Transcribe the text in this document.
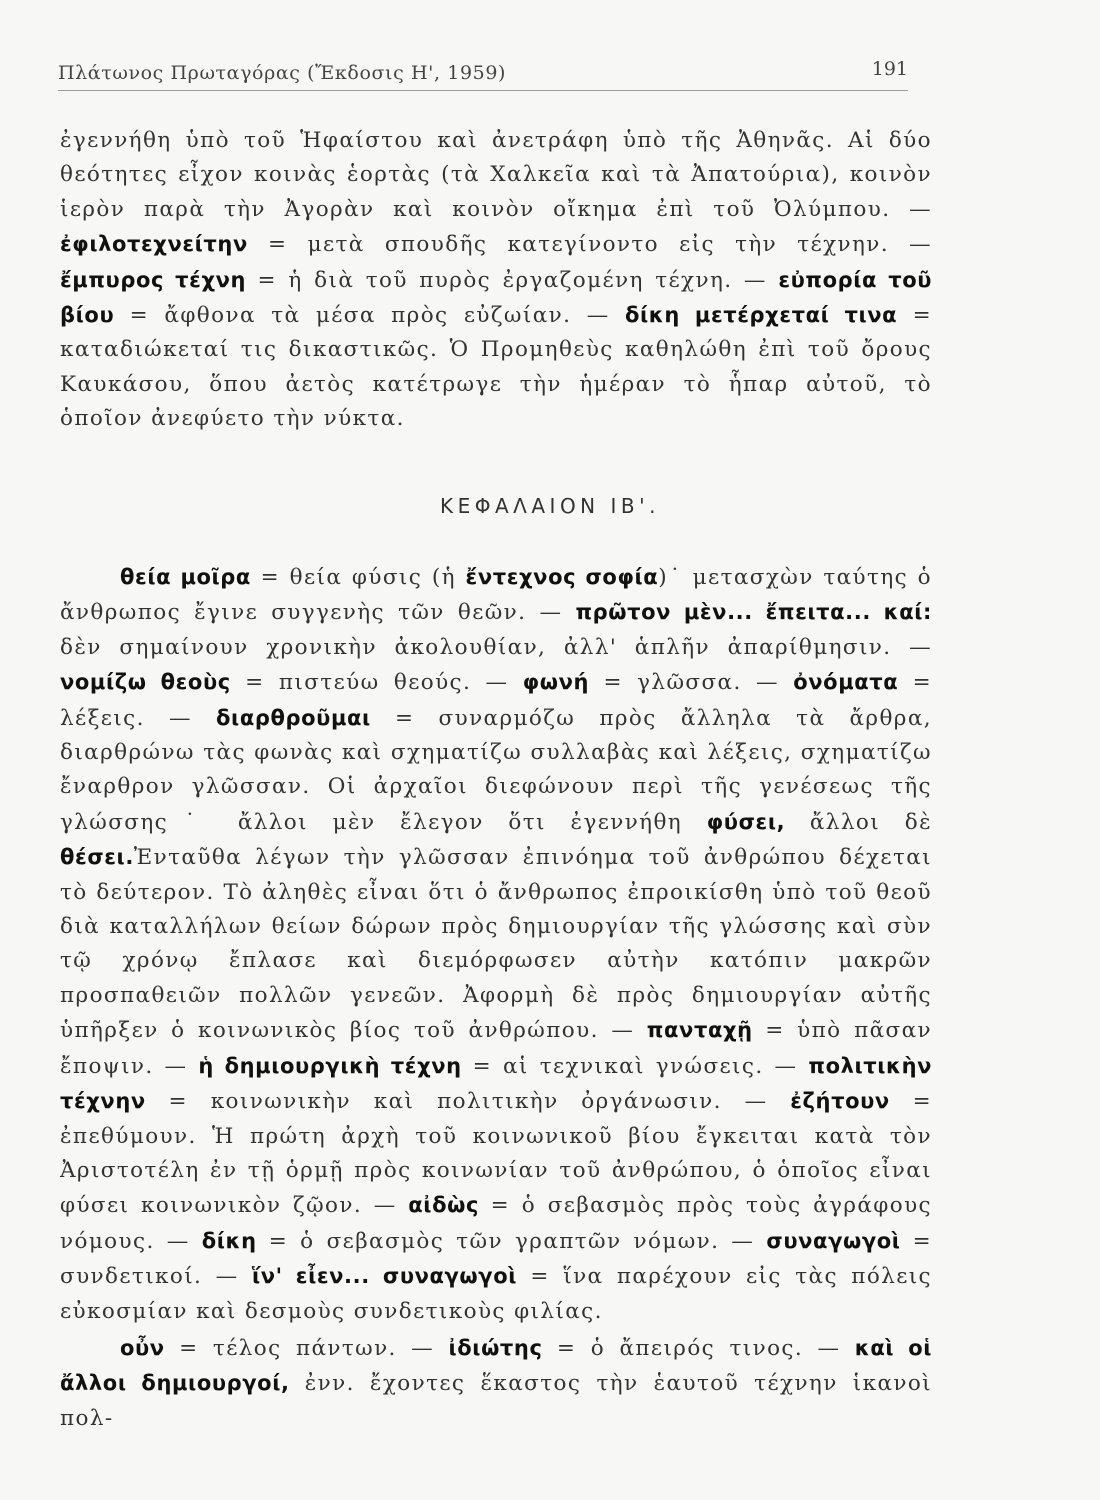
Πλάτωνος Πρωταγόρας (Ἔκδοσις Η', 1959)	191

ἐγεννήθη ὑπὸ τοῦ Ἡφαίστου καὶ ἀνετράφη ὑπὸ τῆς Ἀθηνᾶς. Αἱ δύο θεότητες εἶχον κοινὰς ἑορτὰς (τὰ Χαλκεῖα καὶ τὰ Ἀπατούρια), κοινὸν ἱερὸν παρὰ τὴν Ἀγορὰν καὶ κοινὸν οἴκημα ἐπὶ τοῦ Ὀλύμπου. — ἐφιλοτεχνείτην = μετὰ σπουδῆς κατεγίνοντο εἰς τὴν τέχνην. — ἔμπυρος τέχνη = ἡ διὰ τοῦ πυρὸς ἐργαζομένη τέχνη. — εὐπορία τοῦ βίου = ἄφθονα τὰ μέσα πρὸς εὐζωίαν. — δίκη μετέρχεταί τινα = καταδιώκεταί τις δικαστικῶς. Ὁ Προμηθεὺς καθηλώθη ἐπὶ τοῦ ὄρους Καυκάσου, ὅπου ἀετὸς κατέτρωγε τὴν ἡμέραν τὸ ἧπαρ αὐτοῦ, τὸ ὁποῖον ἀνεφύετο τὴν νύκτα.

ΚΕΦΑΛΑΙΟΝ ΙΒ'.

θεία μοῖρα = θεία φύσις (ἡ ἔντεχνος σοφία)˙ μετασχὼν ταύτης ὁ ἄνθρωπος ἔγινε συγγενὴς τῶν θεῶν. — πρῶτον μὲν... ἔπειτα... καί: δὲν σημαίνουν χρονικὴν ἀκολουθίαν, ἀλλ' ἁπλῆν ἀπαρίθμησιν. — νομίζω θεοὺς = πιστεύω θεούς. — φωνή = γλῶσσα. — ὀνόματα = λέξεις. — διαρθροῦμαι = συναρμόζω πρὸς ἄλληλα τὰ ἄρθρα, διαρθρώνω τὰς φωνὰς καὶ σχηματίζω συλλαβὰς καὶ λέξεις, σχηματίζω ἔναρθρον γλῶσσαν. Οἱ ἀρχαῖοι διεφώνουν περὶ τῆς γενέσεως τῆς γλώσσης˙ ἄλλοι μὲν ἔλεγον ὅτι ἐγεννήθη φύσει, ἄλλοι δὲ θέσει.Ἐνταῦθα λέγων τὴν γλῶσσαν ἐπινόημα τοῦ ἀνθρώπου δέχεται τὸ δεύτερον. Τὸ ἀληθὲς εἶναι ὅτι ὁ ἄνθρωπος ἐπροικίσθη ὑπὸ τοῦ θεοῦ διὰ καταλλήλων θείων δώρων πρὸς δημιουργίαν τῆς γλώσσης καὶ σὺν τῷ χρόνῳ ἔπλασε καὶ διεμόρφωσεν αὐτὴν κατόπιν μακρῶν προσπαθειῶν πολλῶν γενεῶν. Ἀφορμὴ δὲ πρὸς δημιουργίαν αὐτῆς ὑπῆρξεν ὁ κοινωνικὸς βίος τοῦ ἀνθρώπου. — πανταχῇ = ὑπὸ πᾶσαν ἔποψιν. — ἡ δημιουργικὴ τέχνη = αἱ τεχνικαὶ γνώσεις. — πολιτικὴν τέχνην = κοινωνικὴν καὶ πολιτικὴν ὀργάνωσιν. — ἐζήτουν = ἐπεθύμουν. Ἡ πρώτη ἀρχὴ τοῦ κοινωνικοῦ βίου ἔγκειται κατὰ τὸν Ἀριστοτέλη ἐν τῇ ὁρμῇ πρὸς κοινωνίαν τοῦ ἀνθρώπου, ὁ ὁποῖος εἶναι φύσει κοινωνικὸν ζῷον. — αἰδὼς = ὁ σεβασμὸς πρὸς τοὺς ἀγράφους νόμους. — δίκη = ὁ σεβασμὸς τῶν γραπτῶν νόμων. — συναγωγοὶ = συνδετικοί. — ἵν' εἶεν... συναγωγοὶ = ἵνα παρέχουν εἰς τὰς πόλεις εὐκοσμίαν καὶ δεσμοὺς συνδετικοὺς φιλίας.

οὖν = τέλος πάντων. — ἰδιώτης = ὁ ἄπειρός τινος. — καὶ οἱ ἄλλοι δημιουργοί, ἐνν. ἔχοντες ἕκαστος τὴν ἑαυτοῦ τέχνην ἱκανοὶ πολ-
